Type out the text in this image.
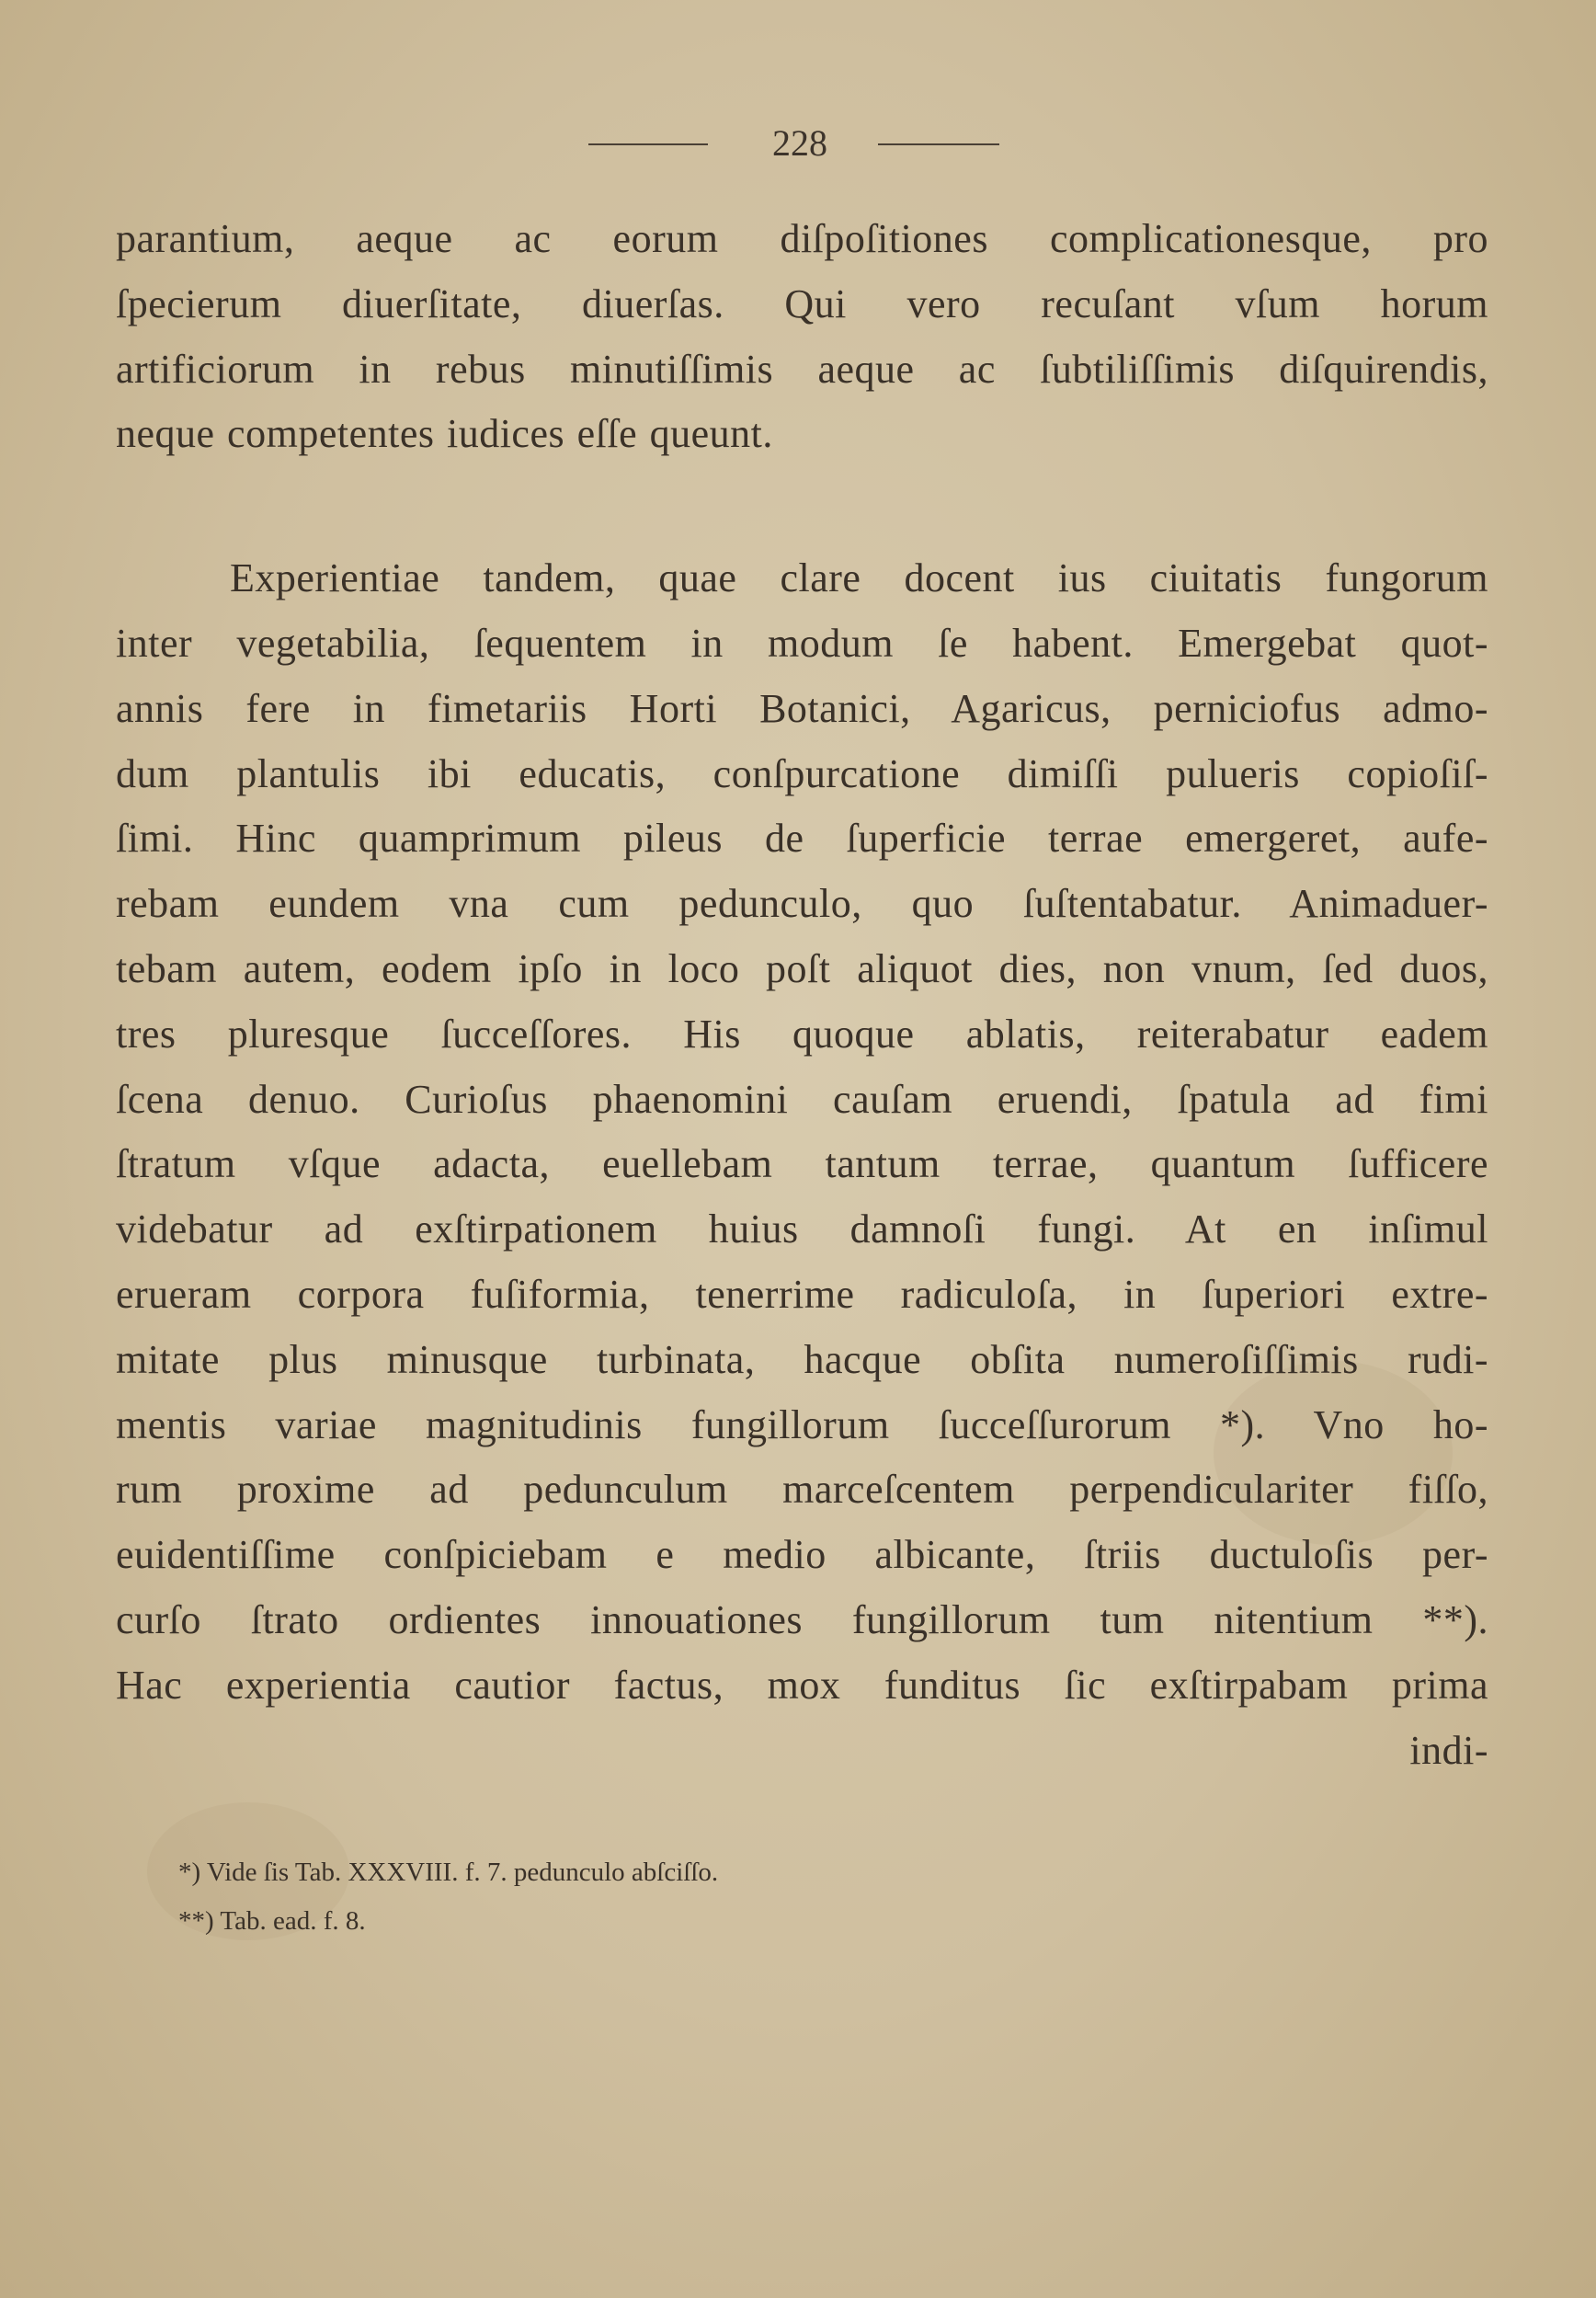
228
parantium, aeque ac eorum diſpoſitiones complicationesque, pro
ſpecierum diuerſitate, diuerſas. Qui vero recuſant vſum horum
artificiorum in rebus minutiſſimis aeque ac ſubtiliſſimis diſquirendis,
neque competentes iudices eſſe queunt.
Experientiae tandem, quae clare docent ius ciuitatis fungorum
inter vegetabilia, ſequentem in modum ſe habent. Emergebat quot-
annis fere in fimetariis Horti Botanici, Agaricus, perniciofus admo-
dum plantulis ibi educatis, conſpurcatione dimiſſi pulueris copioſiſ-
ſimi. Hinc quamprimum pileus de ſuperficie terrae emergeret, aufe-
rebam eundem vna cum pedunculo, quo ſuſtentabatur. Animaduer-
tebam autem, eodem ipſo in loco poſt aliquot dies, non vnum, ſed duos,
tres pluresque ſucceſſores. His quoque ablatis, reiterabatur eadem
ſcena denuo. Curioſus phaenomini cauſam eruendi, ſpatula ad fimi
ſtratum vſque adacta, euellebam tantum terrae, quantum ſufficere
videbatur ad exſtirpationem huius damnoſi fungi. At en inſimul
erueram corpora fuſiformia, tenerrime radiculoſa, in ſuperiori extre-
mitate plus minusque turbinata, hacque obſita numeroſiſſimis rudi-
mentis variae magnitudinis fungillorum ſucceſſurorum *). Vno ho-
rum proxime ad pedunculum marceſcentem perpendiculariter fiſſo,
euidentiſſime conſpiciebam e medio albicante, ſtriis ductuloſis per-
curſo ſtrato ordientes innouationes fungillorum tum nitentium **).
Hac experientia cautior factus, mox funditus ſic exſtirpabam prima
indi-
*) Vide ſis Tab. XXXVIII. f. 7. pedunculo abſciſſo.
**) Tab. ead. f. 8.
